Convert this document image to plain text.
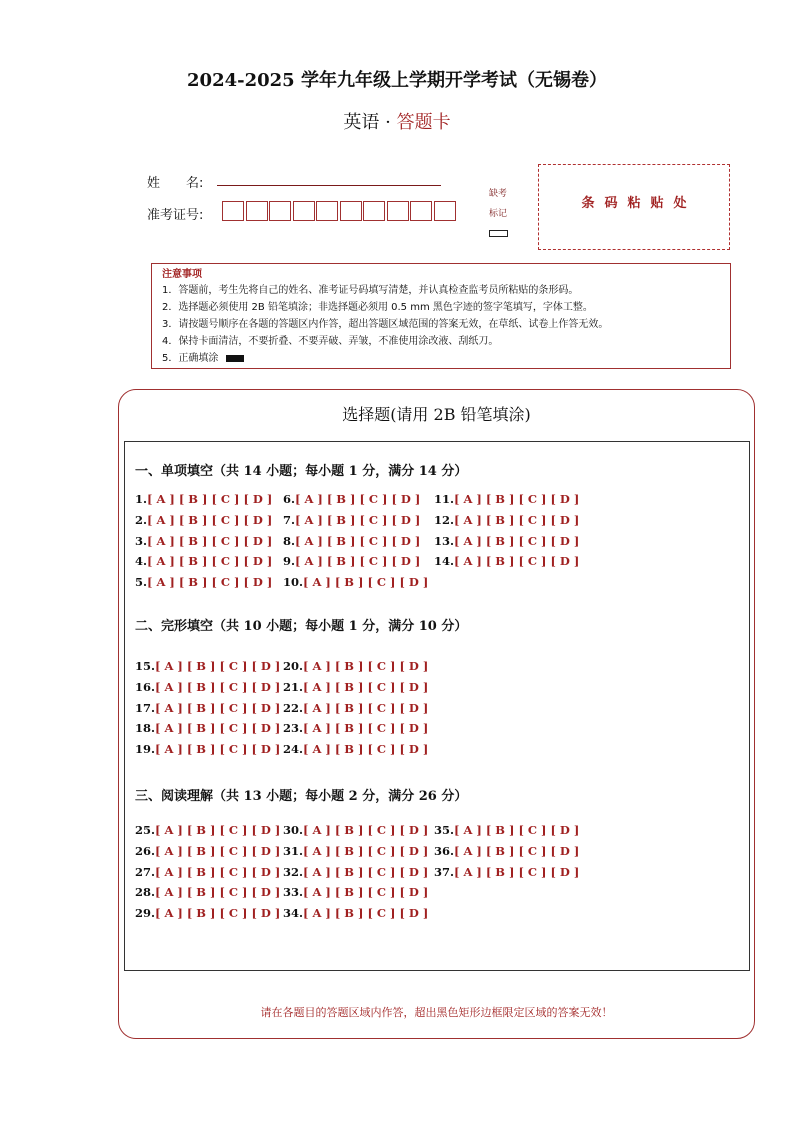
2024-2025 学年九年级上学期开学考试（无锡卷）
英语 · 答题卡
姓　　名:
准考证号:
缺考
标记
条码粘贴处
注意事项
1．答题前，考生先将自己的姓名、准考证号码填写清楚，并认真检查监考员所粘贴的条形码。
2．选择题必须使用 2B 铅笔填涂；非选择题必须用 0.5 mm 黑色字迹的签字笔填写，字体工整。
3．请按题号顺序在各题的答题区内作答，超出答题区域范围的答案无效，在草纸、试卷上作答无效。
4．保持卡面清洁，不要折叠、不要弄破、弄皱，不准使用涂改液、刮纸刀。
5．正确填涂
选择题(请用 2B 铅笔填涂)
一、单项填空（共 14 小题；每小题 1 分，满分 14 分）
二、完形填空（共 10 小题；每小题 1 分，满分 10 分）
三、阅读理解（共 13 小题；每小题 2 分，满分 26 分）
1.[ A ] [ B ] [ C ] [ D ]
2.[ A ] [ B ] [ C ] [ D ]
3.[ A ] [ B ] [ C ] [ D ]
4.[ A ] [ B ] [ C ] [ D ]
5.[ A ] [ B ] [ C ] [ D ]
6.[ A ] [ B ] [ C ] [ D ]
7.[ A ] [ B ] [ C ] [ D ]
8.[ A ] [ B ] [ C ] [ D ]
9.[ A ] [ B ] [ C ] [ D ]
10.[ A ] [ B ] [ C ] [ D ]
11.[ A ] [ B ] [ C ] [ D ]
12.[ A ] [ B ] [ C ] [ D ]
13.[ A ] [ B ] [ C ] [ D ]
14.[ A ] [ B ] [ C ] [ D ]
15.[ A ] [ B ] [ C ] [ D ]
16.[ A ] [ B ] [ C ] [ D ]
17.[ A ] [ B ] [ C ] [ D ]
18.[ A ] [ B ] [ C ] [ D ]
19.[ A ] [ B ] [ C ] [ D ]
20.[ A ] [ B ] [ C ] [ D ]
21.[ A ] [ B ] [ C ] [ D ]
22.[ A ] [ B ] [ C ] [ D ]
23.[ A ] [ B ] [ C ] [ D ]
24.[ A ] [ B ] [ C ] [ D ]
25.[ A ] [ B ] [ C ] [ D ]
26.[ A ] [ B ] [ C ] [ D ]
27.[ A ] [ B ] [ C ] [ D ]
28.[ A ] [ B ] [ C ] [ D ]
29.[ A ] [ B ] [ C ] [ D ]
30.[ A ] [ B ] [ C ] [ D ]
31.[ A ] [ B ] [ C ] [ D ]
32.[ A ] [ B ] [ C ] [ D ]
33.[ A ] [ B ] [ C ] [ D ]
34.[ A ] [ B ] [ C ] [ D ]
35.[ A ] [ B ] [ C ] [ D ]
36.[ A ] [ B ] [ C ] [ D ]
37.[ A ] [ B ] [ C ] [ D ]
请在各题目的答题区域内作答，超出黑色矩形边框限定区域的答案无效！
